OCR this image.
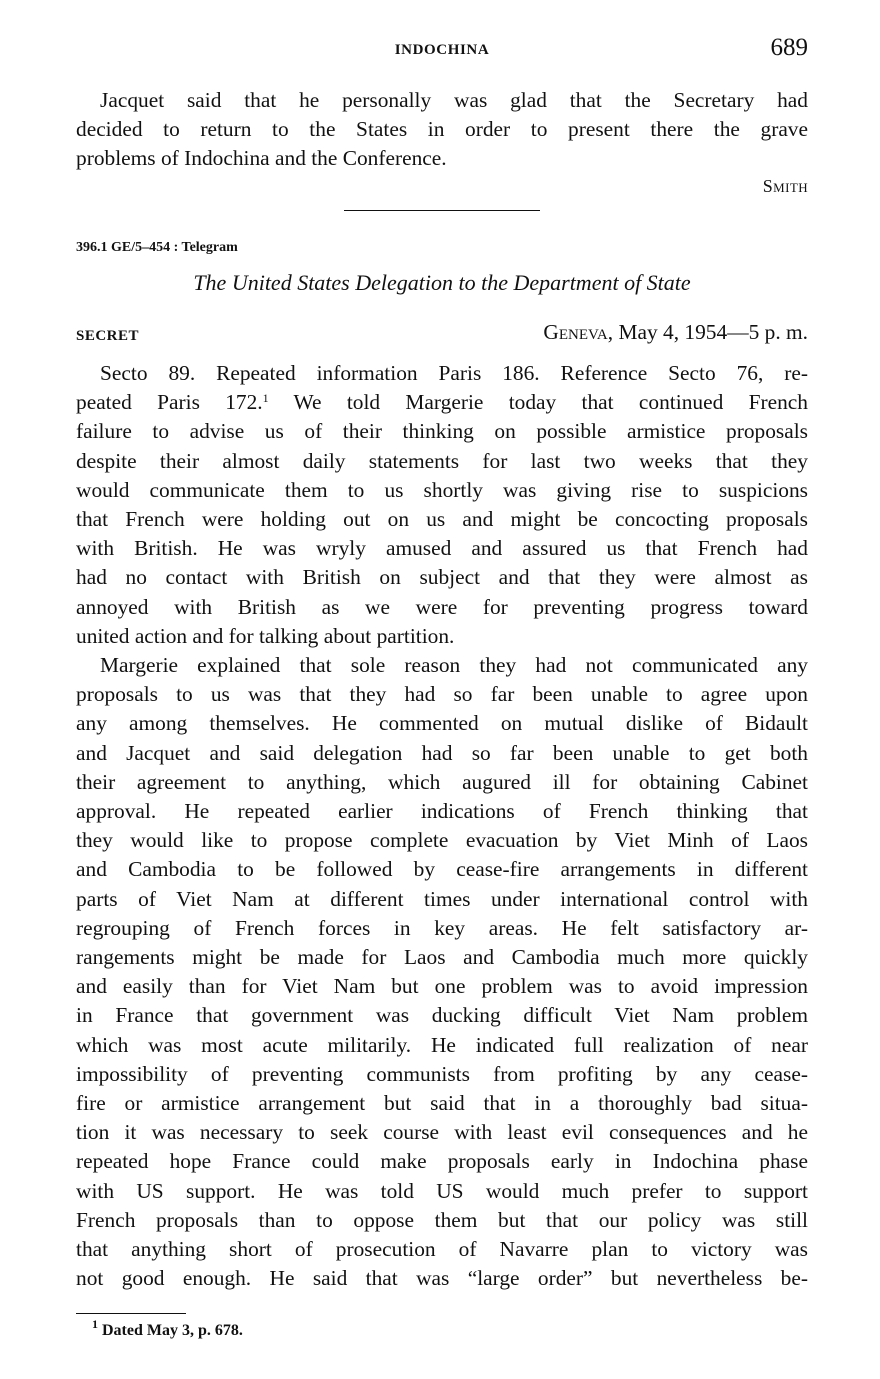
INDOCHINA	689
Jacquet said that he personally was glad that the Secretary had
decided to return to the States in order to present there the grave
problems of Indochina and the Conference.
Smith
396.1 GE/5–454 : Telegram
The United States Delegation to the Department of State
SECRET	Geneva, May 4, 1954—5 p. m.
Secto 89. Repeated information Paris 186. Reference Secto 76, re-
peated Paris 172.$^1$ We told Margerie today that continued French
failure to advise us of their thinking on possible armistice proposals
despite their almost daily statements for last two weeks that they
would communicate them to us shortly was giving rise to suspicions
that French were holding out on us and might be concocting proposals
with British. He was wryly amused and assured us that French had
had no contact with British on subject and that they were almost as
annoyed with British as we were for preventing progress toward
united action and for talking about partition.
Margerie explained that sole reason they had not communicated any
proposals to us was that they had so far been unable to agree upon
any among themselves. He commented on mutual dislike of Bidault
and Jacquet and said delegation had so far been unable to get both
their agreement to anything, which augured ill for obtaining Cabinet
approval. He repeated earlier indications of French thinking that
they would like to propose complete evacuation by Viet Minh of Laos
and Cambodia to be followed by cease-fire arrangements in different
parts of Viet Nam at different times under international control with
regrouping of French forces in key areas. He felt satisfactory ar-
rangements might be made for Laos and Cambodia much more quickly
and easily than for Viet Nam but one problem was to avoid impression
in France that government was ducking difficult Viet Nam problem
which was most acute militarily. He indicated full realization of near
impossibility of preventing communists from profiting by any cease-
fire or armistice arrangement but said that in a thoroughly bad situa-
tion it was necessary to seek course with least evil consequences and he
repeated hope France could make proposals early in Indochina phase
with US support. He was told US would much prefer to support
French proposals than to oppose them but that our policy was still
that anything short of prosecution of Navarre plan to victory was
not good enough. He said that was “large order” but nevertheless be-
$^1$ Dated May 3, p. 678.
